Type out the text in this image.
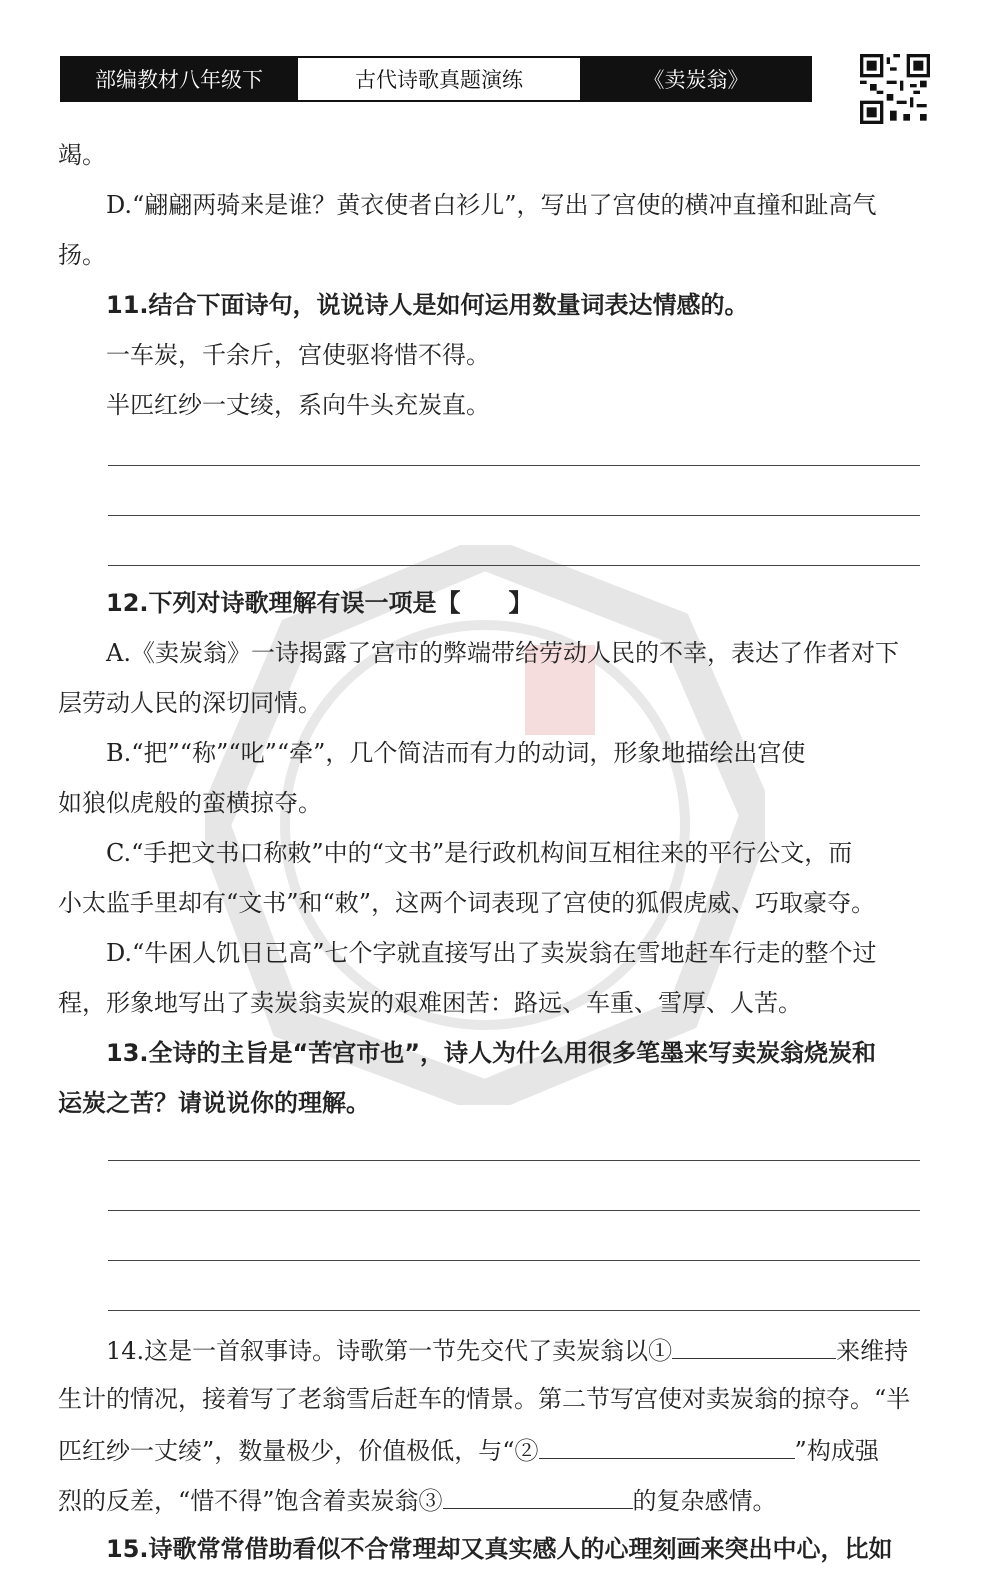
部编教材八年级下	古代诗歌真题演练	《卖炭翁》
竭。
D.“翩翩两骑来是谁？黄衣使者白衫儿”，写出了宫使的横冲直撞和趾高气
扬。
11.结合下面诗句，说说诗人是如何运用数量词表达情感的。
一车炭，千余斤，宫使驱将惜不得。
半匹红纱一丈绫，系向牛头充炭直。
12.下列对诗歌理解有误一项是【　　】
A.《卖炭翁》一诗揭露了宫市的弊端带给劳动人民的不幸，表达了作者对下
层劳动人民的深切同情。
B.“把”“称”“叱”“牵”，几个简洁而有力的动词，形象地描绘出宫使
如狼似虎般的蛮横掠夺。
C.“手把文书口称敕”中的“文书”是行政机构间互相往来的平行公文，而
小太监手里却有“文书”和“敕”，这两个词表现了宫使的狐假虎威、巧取豪夺。
D.“牛困人饥日已高”七个字就直接写出了卖炭翁在雪地赶车行走的整个过
程，形象地写出了卖炭翁卖炭的艰难困苦：路远、车重、雪厚、人苦。
13.全诗的主旨是“苦宫市也”，诗人为什么用很多笔墨来写卖炭翁烧炭和
运炭之苦？请说说你的理解。
14.这是一首叙事诗。诗歌第一节先交代了卖炭翁以①	来维持
生计的情况，接着写了老翁雪后赶车的情景。第二节写宫使对卖炭翁的掠夺。“半
匹红纱一丈绫”，数量极少，价值极低，与“②	”构成强
烈的反差，“惜不得”饱含着卖炭翁③	的复杂感情。
15.诗歌常常借助看似不合常理却又真实感人的心理刻画来突出中心，比如
